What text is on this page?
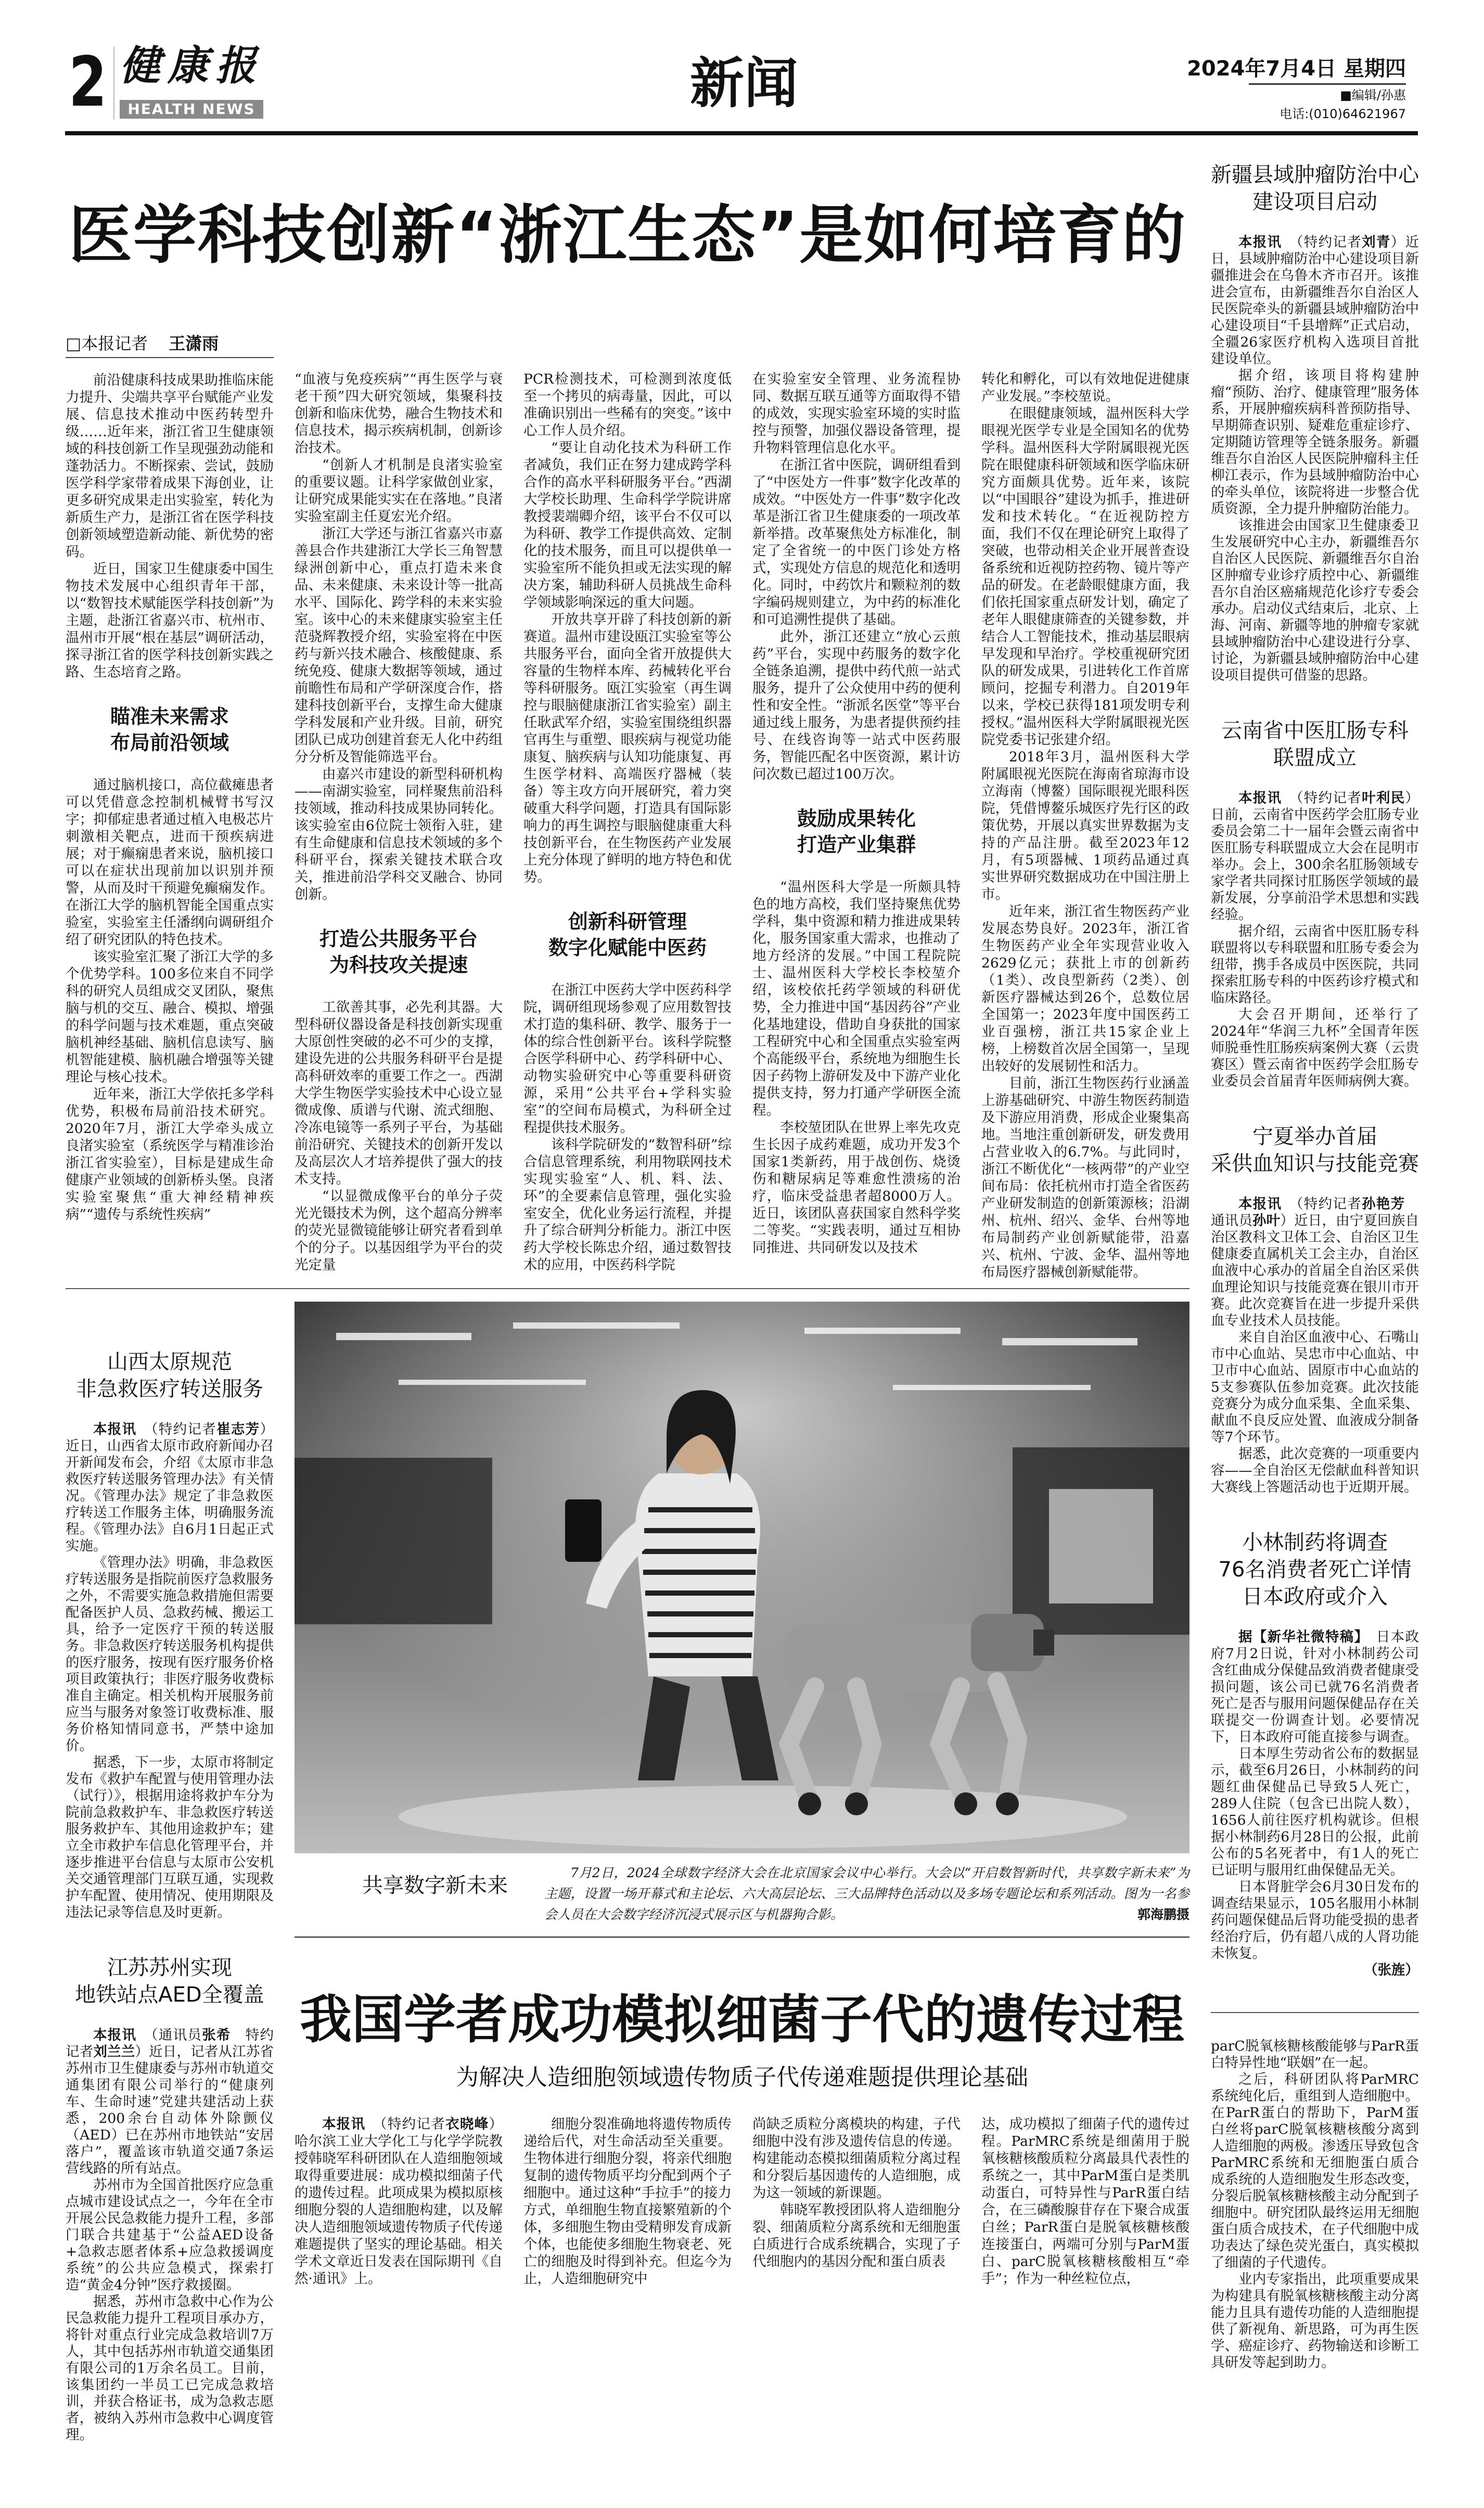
2 健康报
HEALTH NEWS	新闻	2024年7月4日 星期四
■编辑/孙惠
电话:(010)64621967
医学科技创新“浙江生态”是如何培育的
□本报记者 王潇雨

前沿健康科技成果助推临床能力提升、尖端共享平台赋能产业发展、信息技术推动中医药转型升级……近年来，浙江省卫生健康领域的科技创新工作呈现强劲动能和蓬勃活力。不断探索、尝试，鼓励医学科学家带着成果下海创业，让更多研究成果走出实验室，转化为新质生产力，是浙江省在医学科技创新领域塑造新动能、新优势的密码。

近日，国家卫生健康委中国生物技术发展中心组织青年干部，以“数智技术赋能医学科技创新”为主题，赴浙江省嘉兴市、杭州市、温州市开展“根在基层”调研活动，探寻浙江省的医学科技创新实践之路、生态培育之路。

瞄准未来需求
布局前沿领域

通过脑机接口，高位截瘫患者可以凭借意念控制机械臂书写汉字；抑郁症患者通过植入电极芯片刺激相关靶点，进而干预疾病进展；对于癫痫患者来说，脑机接口可以在症状出现前加以识别并预警，从而及时干预避免癫痫发作。在浙江大学的脑机智能全国重点实验室，实验室主任潘纲向调研组介绍了研究团队的特色技术。

该实验室汇聚了浙江大学的多个优势学科。100多位来自不同学科的研究人员组成交叉团队，聚焦脑与机的交互、融合、模拟、增强的科学问题与技术难题，重点突破脑机神经基础、脑机信息读写、脑机智能建模、脑机融合增强等关键理论与核心技术。

近年来，浙江大学依托多学科优势，积极布局前沿技术研究。2020年7月，浙江大学牵头成立良渚实验室（系统医学与精准诊治浙江省实验室），目标是建成生命健康产业领域的创新桥头堡。良渚实验室聚焦“重大神经精神疾病”“遗传与系统性疾病”

“血液与免疫疾病”“再生医学与衰老干预”四大研究领域，集聚科技创新和临床优势，融合生物技术和信息技术，揭示疾病机制，创新诊治技术。

“创新人才机制是良渚实验室的重要议题。让科学家做创业家，让研究成果能实实在在落地。”良渚实验室副主任夏宏光介绍。

浙江大学还与浙江省嘉兴市嘉善县合作共建浙江大学长三角智慧绿洲创新中心，重点打造未来食品、未来健康、未来设计等一批高水平、国际化、跨学科的未来实验室。该中心的未来健康实验室主任范骁辉教授介绍，实验室将在中医药与新兴技术融合、核酸健康、系统免疫、健康大数据等领域，通过前瞻性布局和产学研深度合作，搭建科技创新平台，支撑生命大健康学科发展和产业升级。目前，研究团队已成功创建首套无人化中药组分分析及智能筛选平台。

由嘉兴市建设的新型科研机构——南湖实验室，同样聚焦前沿科技领域，推动科技成果协同转化。该实验室由6位院士领衔入驻，建有生命健康和信息技术领域的多个科研平台，探索关键技术联合攻关，推进前沿学科交叉融合、协同创新。

打造公共服务平台
为科技攻关提速

工欲善其事，必先利其器。大型科研仪器设备是科技创新实现重大原创性突破的必不可少的支撑，建设先进的公共服务科研平台是提高科研效率的重要工作之一。西湖大学生物医学实验技术中心设立显微成像、质谱与代谢、流式细胞、冷冻电镜等一系列子平台，为基础前沿研究、关键技术的创新开发以及高层次人才培养提供了强大的技术支持。

“以显微成像平台的单分子荧光光镊技术为例，这个超高分辨率的荧光显微镜能够让研究者看到单个的分子。以基因组学为平台的荧光定量

PCR检测技术，可检测到浓度低至一个拷贝的病毒量，因此，可以准确识别出一些稀有的突变。”该中心工作人员介绍。

“要让自动化技术为科研工作者减负，我们正在努力建成跨学科合作的高水平科研服务平台。”西湖大学校长助理、生命科学学院讲席教授裴端卿介绍，该平台不仅可以为科研、教学工作提供高效、定制化的技术服务，而且可以提供单一实验室所不能负担或无法实现的解决方案，辅助科研人员挑战生命科学领域影响深远的重大问题。

开放共享开辟了科技创新的新赛道。温州市建设瓯江实验室等公共服务平台，面向全省开放提供大容量的生物样本库、药械转化平台等科研服务。瓯江实验室（再生调控与眼脑健康浙江省实验室）副主任耿武军介绍，实验室围绕组织器官再生与重塑、眼疾病与视觉功能康复、脑疾病与认知功能康复、再生医学材料、高端医疗器械（装备）等主攻方向开展研究，着力突破重大科学问题，打造具有国际影响力的再生调控与眼脑健康重大科技创新平台，在生物医药产业发展上充分体现了鲜明的地方特色和优势。

创新科研管理
数字化赋能中医药

在浙江中医药大学中医药科学院，调研组现场参观了应用数智技术打造的集科研、教学、服务于一体的综合性创新平台。该科学院整合医学科研中心、药学科研中心、动物实验研究中心等重要科研资源，采用“公共平台+学科实验室”的空间布局模式，为科研全过程提供技术服务。

该科学院研发的“数智科研”综合信息管理系统，利用物联网技术实现实验室“人、机、料、法、环”的全要素信息管理，强化实验室安全，优化业务运行流程，并提升了综合研判分析能力。浙江中医药大学校长陈忠介绍，通过数智技术的应用，中医药科学院

在实验室安全管理、业务流程协同、数据互联互通等方面取得不错的成效，实现实验室环境的实时监控与预警，加强仪器设备管理，提升物料管理信息化水平。

在浙江省中医院，调研组看到了“中医处方一件事”数字化改革的成效。“中医处方一件事”数字化改革是浙江省卫生健康委的一项改革新举措。改革聚焦处方标准化，制定了全省统一的中医门诊处方格式，实现处方信息的规范化和透明化。同时，中药饮片和颗粒剂的数字编码规则建立，为中药的标准化和可追溯性提供了基础。

此外，浙江还建立“放心云煎药”平台，实现中药服务的数字化全链条追溯，提供中药代煎一站式服务，提升了公众使用中药的便利性和安全性。“浙派名医堂”等平台通过线上服务，为患者提供预约挂号、在线咨询等一站式中医药服务，智能匹配名中医资源，累计访问次数已超过100万次。

鼓励成果转化
打造产业集群

“温州医科大学是一所颇具特色的地方高校，我们坚持聚焦优势学科，集中资源和精力推进成果转化，服务国家重大需求，也推动了地方经济的发展。”中国工程院院士、温州医科大学校长李校堃介绍，该校依托药学领域的科研优势，全力推进中国“基因药谷”产业化基地建设，借助自身获批的国家工程研究中心和全国重点实验室两个高能级平台，系统地为细胞生长因子药物上游研发及中下游产业化提供支持，努力打通产学研医全流程。

李校堃团队在世界上率先攻克生长因子成药难题，成功开发3个国家1类新药，用于战创伤、烧烫伤和糖尿病足等难愈性溃疡的治疗，临床受益患者超8000万人。近日，该团队喜获国家自然科学奖二等奖。“实践表明，通过互相协同推进、共同研发以及技术

转化和孵化，可以有效地促进健康产业发展。”李校堃说。

在眼健康领域，温州医科大学眼视光医学专业是全国知名的优势学科。温州医科大学附属眼视光医院在眼健康科研领域和医学临床研究方面颇具优势。近年来，该院以“中国眼谷”建设为抓手，推进研发和技术转化。“在近视防控方面，我们不仅在理论研究上取得了突破，也带动相关企业开展普查设备系统和近视防控药物、镜片等产品的研发。在老龄眼健康方面，我们依托国家重点研发计划，确定了老年人眼健康筛查的关键参数，并结合人工智能技术，推动基层眼病早发现和早治疗。学校重视研究团队的研发成果，引进转化工作首席顾问，挖掘专利潜力。自2019年以来，学校已获得181项发明专利授权。”温州医科大学附属眼视光医院党委书记张建介绍。

2018年3月，温州医科大学附属眼视光医院在海南省琼海市设立海南（博鳌）国际眼视光眼科医院，凭借博鳌乐城医疗先行区的政策优势，开展以真实世界数据为支持的产品注册。截至2023年12月，有5项器械、1项药品通过真实世界研究数据成功在中国注册上市。

近年来，浙江省生物医药产业发展态势良好。2023年，浙江省生物医药产业全年实现营业收入2629亿元；获批上市的创新药（1类）、改良型新药（2类）、创新医疗器械达到26个，总数位居全国第一；2023年度中国医药工业百强榜，浙江共15家企业上榜，上榜数首次居全国第一，呈现出较好的发展韧性和活力。

目前，浙江生物医药行业涵盖上游基础研究、中游生物医药制造及下游应用消费，形成企业聚集高地。当地注重创新研发，研发费用占营业收入的6.7%。与此同时，浙江不断优化“一核两带”的产业空间布局：依托杭州市打造全省医药产业研发制造的创新策源核；沿湖州、杭州、绍兴、金华、台州等地布局制药产业创新赋能带，沿嘉兴、杭州、宁波、金华、温州等地布局医疗器械创新赋能带。

新疆县域肿瘤防治中心
建设项目启动

本报讯　（特约记者刘青）近日，县域肿瘤防治中心建设项目新疆推进会在乌鲁木齐市召开。该推进会宣布，由新疆维吾尔自治区人民医院牵头的新疆县域肿瘤防治中心建设项目“千县增辉”正式启动，全疆26家医疗机构入选项目首批建设单位。

据介绍，该项目将构建肿瘤“预防、治疗、健康管理”服务体系，开展肿瘤疾病科普预防指导、早期筛查识别、疑难危重症诊疗、定期随访管理等全链条服务。新疆维吾尔自治区人民医院肿瘤科主任柳江表示，作为县域肿瘤防治中心的牵头单位，该院将进一步整合优质资源，全力提升肿瘤防治能力。

该推进会由国家卫生健康委卫生发展研究中心主办，新疆维吾尔自治区人民医院、新疆维吾尔自治区肿瘤专业诊疗质控中心、新疆维吾尔自治区癌痛规范化诊疗专委会承办。启动仪式结束后，北京、上海、河南、新疆等地的肿瘤专家就县域肿瘤防治中心建设进行分享、讨论，为新疆县域肿瘤防治中心建设项目提供可借鉴的思路。

云南省中医肛肠专科
联盟成立

本报讯　（特约记者叶利民）日前，云南省中医药学会肛肠专业委员会第二十一届年会暨云南省中医肛肠专科联盟成立大会在昆明市举办。会上，300余名肛肠领域专家学者共同探讨肛肠医学领域的最新发展，分享前沿学术思想和实践经验。

据介绍，云南省中医肛肠专科联盟将以专科联盟和肛肠专委会为纽带，携手各成员中医医院，共同探索肛肠专科的中医药诊疗模式和临床路径。

大会召开期间，还举行了2024年“华润三九杯”全国青年医师脱垂性肛肠疾病案例大赛（云贵赛区）暨云南省中医药学会肛肠专业委员会首届青年医师病例大赛。

宁夏举办首届
采供血知识与技能竞赛

本报讯　（特约记者孙艳芳　通讯员孙叶）近日，由宁夏回族自治区教科文卫体工会、自治区卫生健康委直属机关工会主办，自治区血液中心承办的首届全自治区采供血理论知识与技能竞赛在银川市开赛。此次竞赛旨在进一步提升采供血专业技术人员技能。

来自自治区血液中心、石嘴山市中心血站、吴忠市中心血站、中卫市中心血站、固原市中心血站的5支参赛队伍参加竞赛。此次技能竞赛分为成分血采集、全血采集、献血不良反应处置、血液成分制备等7个环节。

据悉，此次竞赛的一项重要内容——全自治区无偿献血科普知识大赛线上答题活动也于近期开展。

小林制药将调查
76名消费者死亡详情
日本政府或介入

据【新华社微特稿】　日本政府7月2日说，针对小林制药公司含红曲成分保健品致消费者健康受损问题，该公司已就76名消费者死亡是否与服用问题保健品存在关联提交一份调查计划。必要情况下，日本政府可能直接参与调查。

日本厚生劳动省公布的数据显示，截至6月26日，小林制药的问题红曲保健品已导致5人死亡，289人住院（包含已出院人数），1656人前往医疗机构就诊。但根据小林制药6月28日的公报，此前公布的5名死者中，有1人的死亡已证明与服用红曲保健品无关。

日本肾脏学会6月30日发布的调查结果显示，105名服用小林制药问题保健品后肾功能受损的患者经治疗后，仍有超八成的人肾功能未恢复。

（张旌）

parC脱氧核糖核酸能够与ParR蛋白特异性地“联姻”在一起。

之后，科研团队将ParMRC系统纯化后，重组到人造细胞中。在ParR蛋白的帮助下，ParM蛋白丝将parC脱氧核糖核酸分离到人造细胞的两极。渗透压导致包含ParMRC系统和无细胞蛋白质合成系统的人造细胞发生形态改变，分裂后脱氧核糖核酸主动分配到子细胞中。研究团队最终运用无细胞蛋白质合成技术，在子代细胞中成功表达了绿色荧光蛋白，真实模拟了细菌的子代遗传。

业内专家指出，此项重要成果为构建具有脱氧核糖核酸主动分离能力且具有遗传功能的人造细胞提供了新视角、新思路，可为再生医学、癌症诊疗、药物输送和诊断工具研发等起到助力。

山西太原规范
非急救医疗转送服务

本报讯　（特约记者崔志芳）近日，山西省太原市政府新闻办召开新闻发布会，介绍《太原市非急救医疗转送服务管理办法》有关情况。《管理办法》规定了非急救医疗转送工作服务主体，明确服务流程。《管理办法》自6月1日起正式实施。

《管理办法》明确，非急救医疗转送服务是指院前医疗急救服务之外，不需要实施急救措施但需要配备医护人员、急救药械、搬运工具，给予一定医疗干预的转送服务。非急救医疗转送服务机构提供的医疗服务，按现有医疗服务价格项目政策执行；非医疗服务收费标准自主确定。相关机构开展服务前应当与服务对象签订收费标准、服务价格知情同意书，严禁中途加价。

据悉，下一步，太原市将制定发布《救护车配置与使用管理办法（试行）》，根据用途将救护车分为院前急救救护车、非急救医疗转送服务救护车、其他用途救护车；建立全市救护车信息化管理平台，并逐步推进平台信息与太原市公安机关交通管理部门互联互通，实现救护车配置、使用情况、使用期限及违法记录等信息及时更新。

江苏苏州实现
地铁站点AED全覆盖

本报讯　（通讯员张希　特约记者刘兰兰）近日，记者从江苏省苏州市卫生健康委与苏州市轨道交通集团有限公司举行的“健康列车、生命时速”党建共建活动上获悉，200余台自动体外除颤仪（AED）已在苏州市地铁站“安居落户”，覆盖该市轨道交通7条运营线路的所有站点。

苏州市为全国首批医疗应急重点城市建设试点之一，今年在全市开展公民急救能力提升工程，多部门联合共建基于“公益AED设备+急救志愿者体系+应急救援调度系统”的公共应急模式，探索打造“黄金4分钟”医疗救援圈。

据悉，苏州市急救中心作为公民急救能力提升工程项目承办方，将针对重点行业完成急救培训7万人，其中包括苏州市轨道交通集团有限公司的1万余名员工。目前，该集团约一半员工已完成急救培训，并获合格证书，成为急救志愿者，被纳入苏州市急救中心调度管理。

共享数字新未来
7月2日，2024全球数字经济大会在北京国家会议中心举行。大会以“开启数智新时代，共享数字新未来”为主题，设置一场开幕式和主论坛、六大高层论坛、三大品牌特色活动以及多场专题论坛和系列活动。图为一名参会人员在大会数字经济沉浸式展示区与机器狗合影。	郭海鹏摄
我国学者成功模拟细菌子代的遗传过程
为解决人造细胞领域遗传物质子代传递难题提供理论基础

本报讯　（特约记者衣晓峰）哈尔滨工业大学化工与化学学院教授韩晓军科研团队在人造细胞领域取得重要进展：成功模拟细菌子代的遗传过程。此项成果为模拟原核细胞分裂的人造细胞构建，以及解决人造细胞领域遗传物质子代传递难题提供了坚实的理论基础。相关学术文章近日发表在国际期刊《自然·通讯》上。

细胞分裂准确地将遗传物质传递给后代，对生命活动至关重要。生物体进行细胞分裂，将亲代细胞复制的遗传物质平均分配到两个子细胞中。通过这种“手拉手”的接力方式，单细胞生物直接繁殖新的个体，多细胞生物由受精卵发育成新个体，也能使多细胞生物衰老、死亡的细胞及时得到补充。但迄今为止，人造细胞研究中

尚缺乏质粒分离模块的构建，子代细胞中没有涉及遗传信息的传递。构建能动态模拟细菌质粒分离过程和分裂后基因遗传的人造细胞，成为这一领域的新课题。

韩晓军教授团队将人造细胞分裂、细菌质粒分离系统和无细胞蛋白质进行合成系统耦合，实现了子代细胞内的基因分配和蛋白质表

达，成功模拟了细菌子代的遗传过程。ParMRC系统是细菌用于脱氧核糖核酸质粒分离最具代表性的系统之一，其中ParM蛋白是类肌动蛋白，可特异性与ParR蛋白结合，在三磷酸腺苷存在下聚合成蛋白丝；ParR蛋白是脱氧核糖核酸连接蛋白，两端可分别与ParM蛋白、parC脱氧核糖核酸相互“牵手”；作为一种丝粒位点，
